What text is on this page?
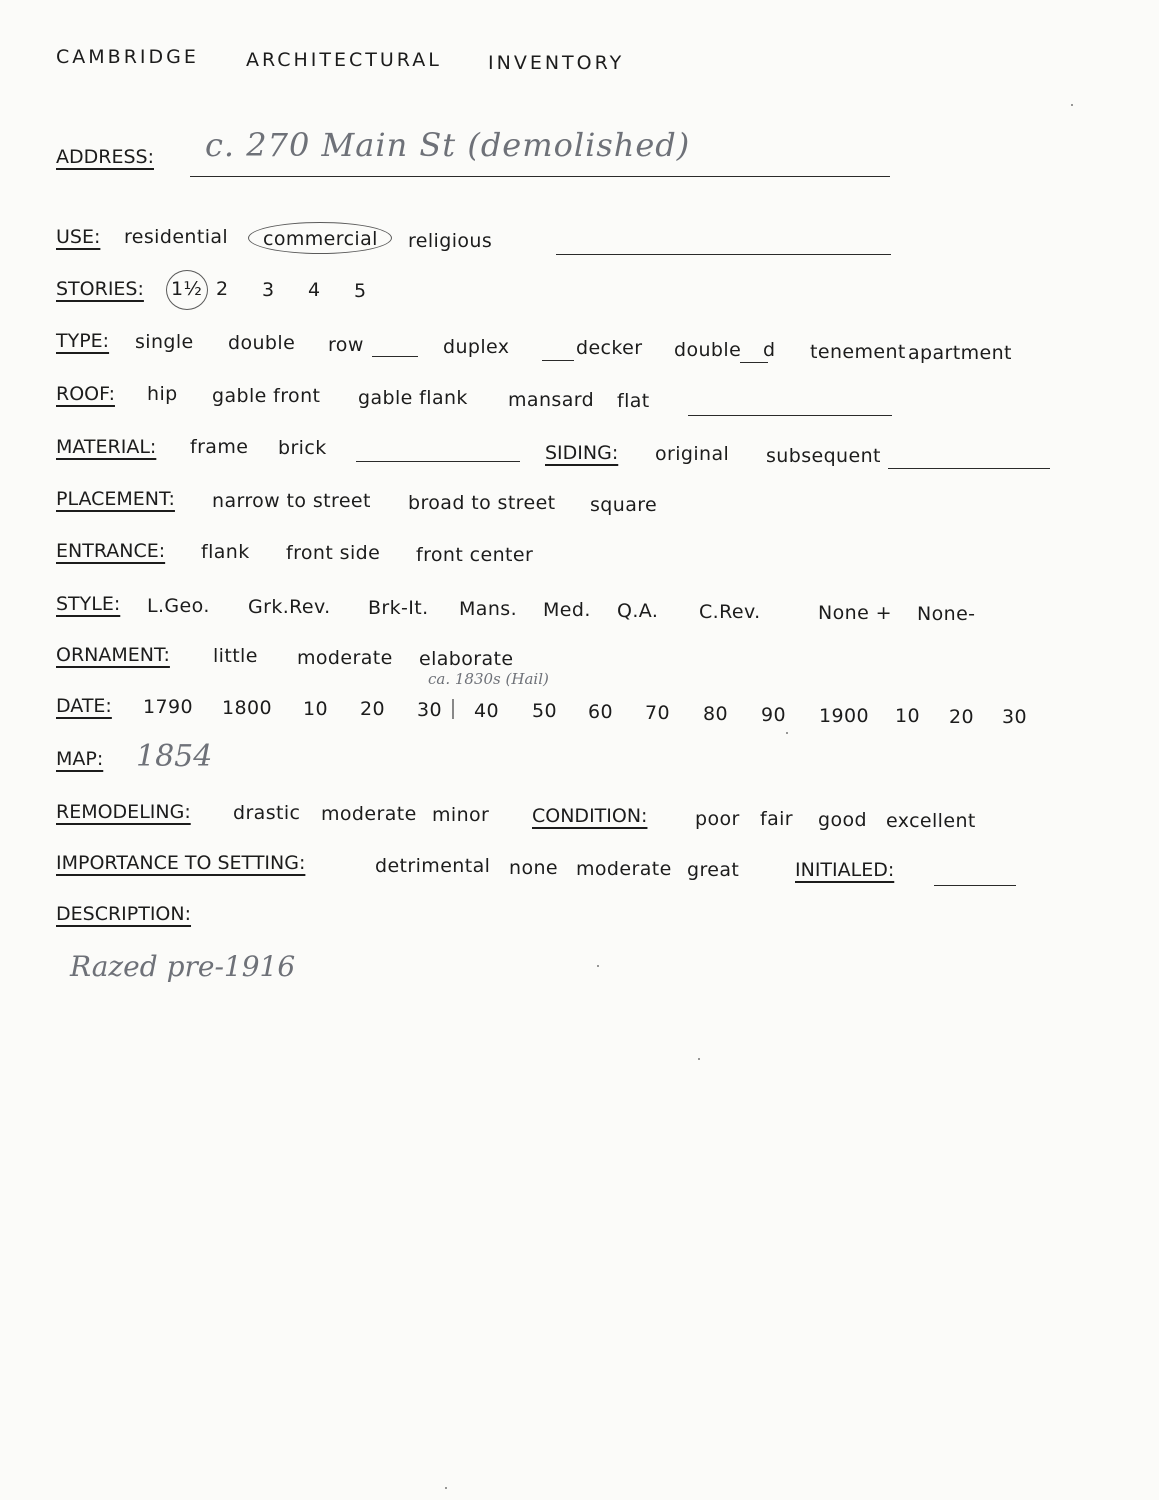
CAMBRIDGE ARCHITECTURAL INVENTORY
ADDRESS: c. 270 Main St (demolished)
USE: residential commercial religious
STORIES: 1½ 2 3 4 5
TYPE: single double row	duplex	decker double d tenement apartment
ROOF: hip gable front gable flank mansard flat
MATERIAL: frame brick	SIDING: original subsequent
PLACEMENT: narrow to street broad to street square
ENTRANCE: flank front side front center
STYLE: L.Geo. Grk.Rev. Brk-It. Mans. Med. Q.A. C.Rev.	None + None-
ORNAMENT: little moderate elaborate
ca. 1830s (Hail)
DATE: 1790 1800 10 20 30 40 50 60 70 80 90 1900 10 20 30
MAP: 1854
REMODELING: drastic moderate minor CONDITION:	poor fair good excellent
IMPORTANCE TO SETTING:	detrimental none moderate great	INITIALED:
DESCRIPTION:
Razed pre-1916
